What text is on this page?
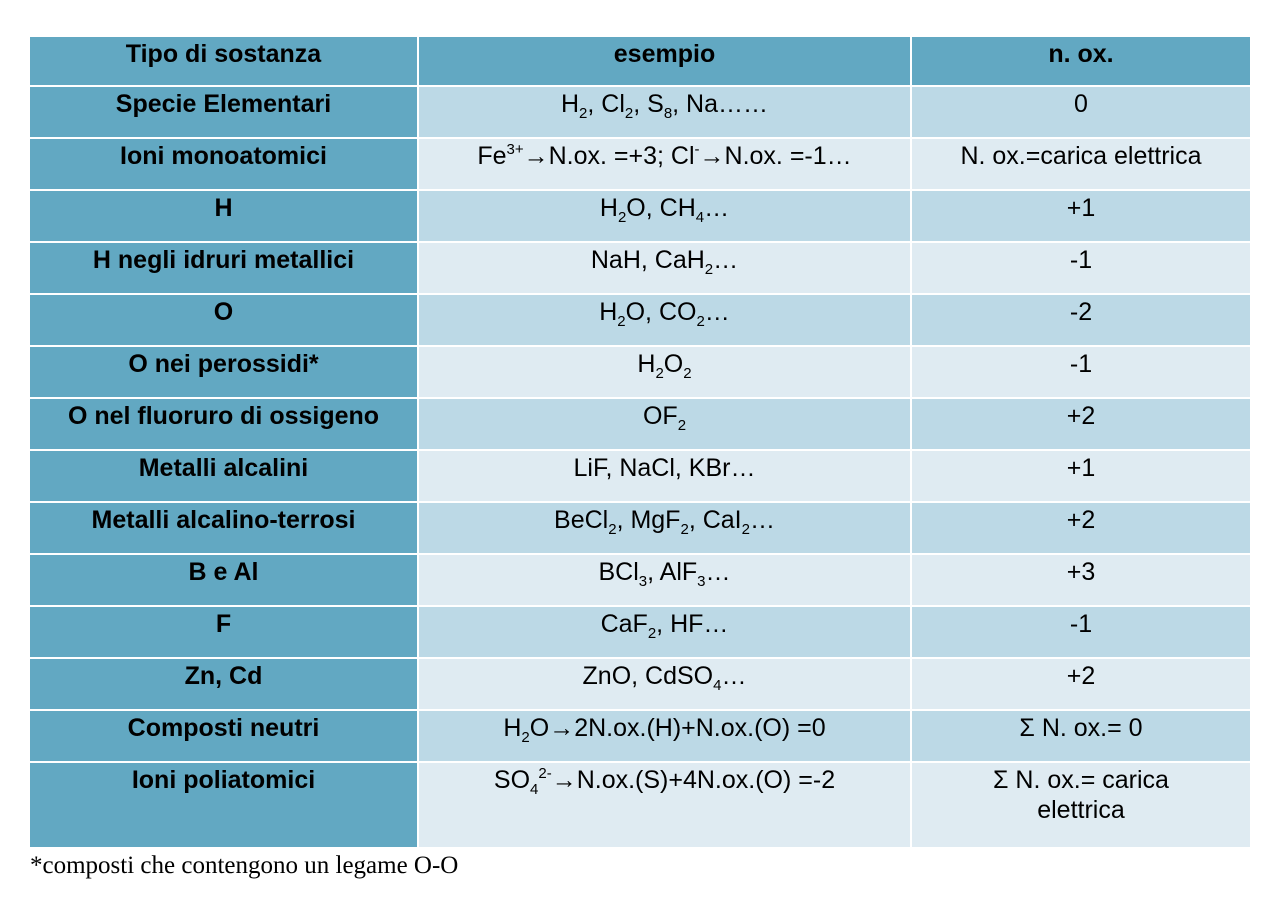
Tipo di sostanza	esempio	n. ox.
Specie Elementari	$H_2$, $Cl_2$, $S_8$, Na……	0
Ioni monoatomici	$Fe^{3+}\to N.ox$. =+3; Cl-→N.ox. =-1…	N. ox.=carica elettrica
H	$H_2O$, $CH_4\dots$	+1
H negli idruri metallici	NaH, CaH$_2$…	-1
O	$H_2O$, $CO_2\dots$	-2
O nei perossidi*	$H_2O_2$	-1
O nel fluoruro di ossigeno	$OF_2$	+2
Metalli alcalini	LiF, NaCl, KBr…	+1
Metalli alcalino-terrosi	BeCl$_2$, MgF$_2$, CaI$_2$…	+2
B e Al	BCl$_3$, AlF$_3$…	+3
F	CaF$_2$, HF…	-1
Zn, Cd	ZnO, CdSO$_4$…	+2
Composti neutri	$H_2O\to 2N.ox.(H)+N.ox.(O) =0$	Σ N. ox.= 0
Ioni poliatomici	$SO_4^{2-}\to N.ox.(S)+4N.ox.(O) =-2$	Σ N. ox.= carica
elettrica
*composti che contengono un legame O-O
